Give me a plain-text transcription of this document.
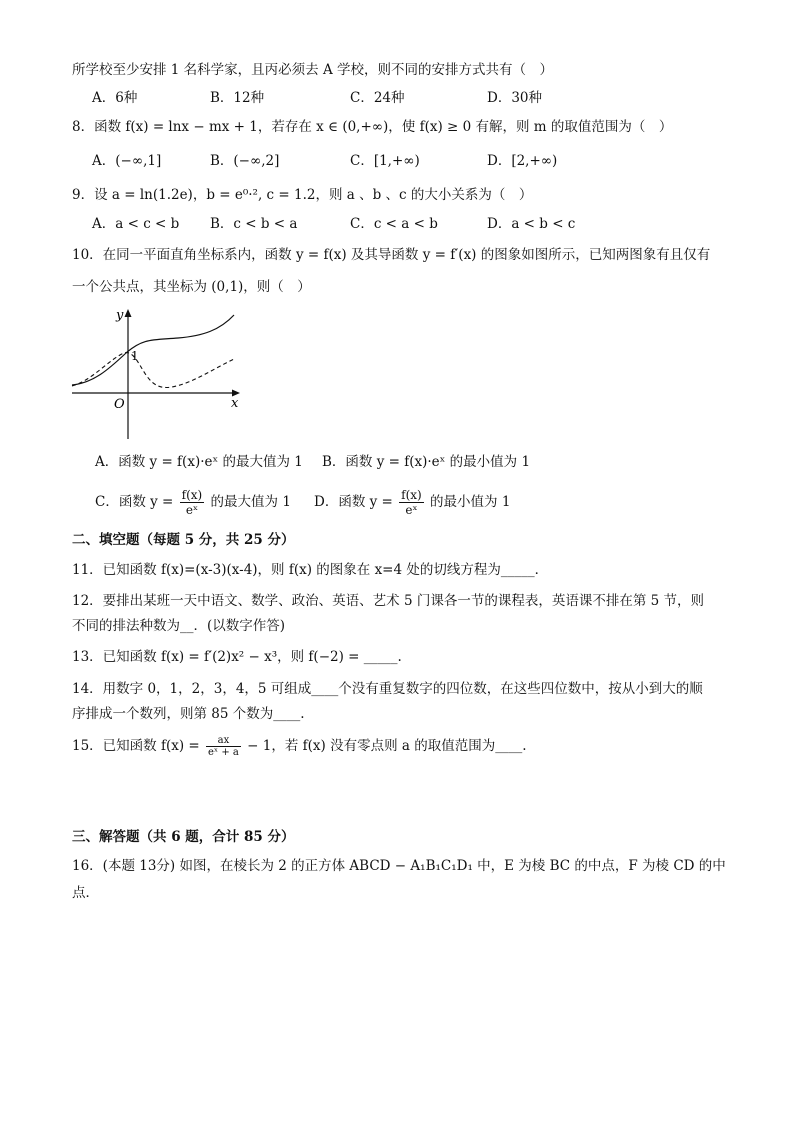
所学校至少安排 1 名科学家，且丙必须去 A 学校，则不同的安排方式共有（　）
A．6种	B．12种	C．24种	D．30种
8．函数 f(x) = lnx − mx + 1，若存在 x ∈ (0,+∞)，使 f(x) ≥ 0 有解，则 m 的取值范围为（　）
A．(−∞,1]	B．(−∞,2]	C．[1,+∞)	D．[2,+∞)
9．设 a = ln(1.2e)，b = e⁰·², c = 1.2，则 a 、b 、c 的大小关系为（　）
A．a < c < b B．c < b < a	C．c < a < b	D．a < b < c
10．在同一平面直角坐标系内，函数 y = f(x) 及其导函数 y = f′(x) 的图象如图所示，已知两图象有且仅有
一个公共点，其坐标为 (0,1)，则（　）
1
y
x
O
A．函数 y = f(x)·eˣ 的最大值为 1 B．函数 y = f(x)·eˣ 的最小值为 1
C．函数 $y = \frac{f(x)}{\text{eˣ}}$ 的最大值为 1 D．函数 $y = \frac{f(x)}{\text{eˣ}}$ 的最小值为 1
二、填空题（每题 5 分，共 25 分）
11．已知函数 f(x)=(x-3)(x-4)，则 f(x) 的图象在 x=4 处的切线方程为_____．
12．要排出某班一天中语文、数学、政治、英语、艺术 5 门课各一节的课程表，英语课不排在第 5 节，则
不同的排法种数为__．(以数字作答)
13．已知函数 f(x) = f′(2)x² − x³，则 f(−2) = _____.
14．用数字 0，1，2，3，4，5 可组成____个没有重复数字的四位数，在这些四位数中，按从小到大的顺
序排成一个数列，则第 85 个数为____.
15．已知函数 $f(x) = \frac{ax}{\text{eˣ + a}} - 1$，若 f(x) 没有零点则 a 的取值范围为____.
三、解答题（共 6 题，合计 85 分）
16．(本题 13分) 如图，在棱长为 2 的正方体 ABCD − A₁B₁C₁D₁ 中，E 为棱 BC 的中点，F 为棱 CD 的中
点．
